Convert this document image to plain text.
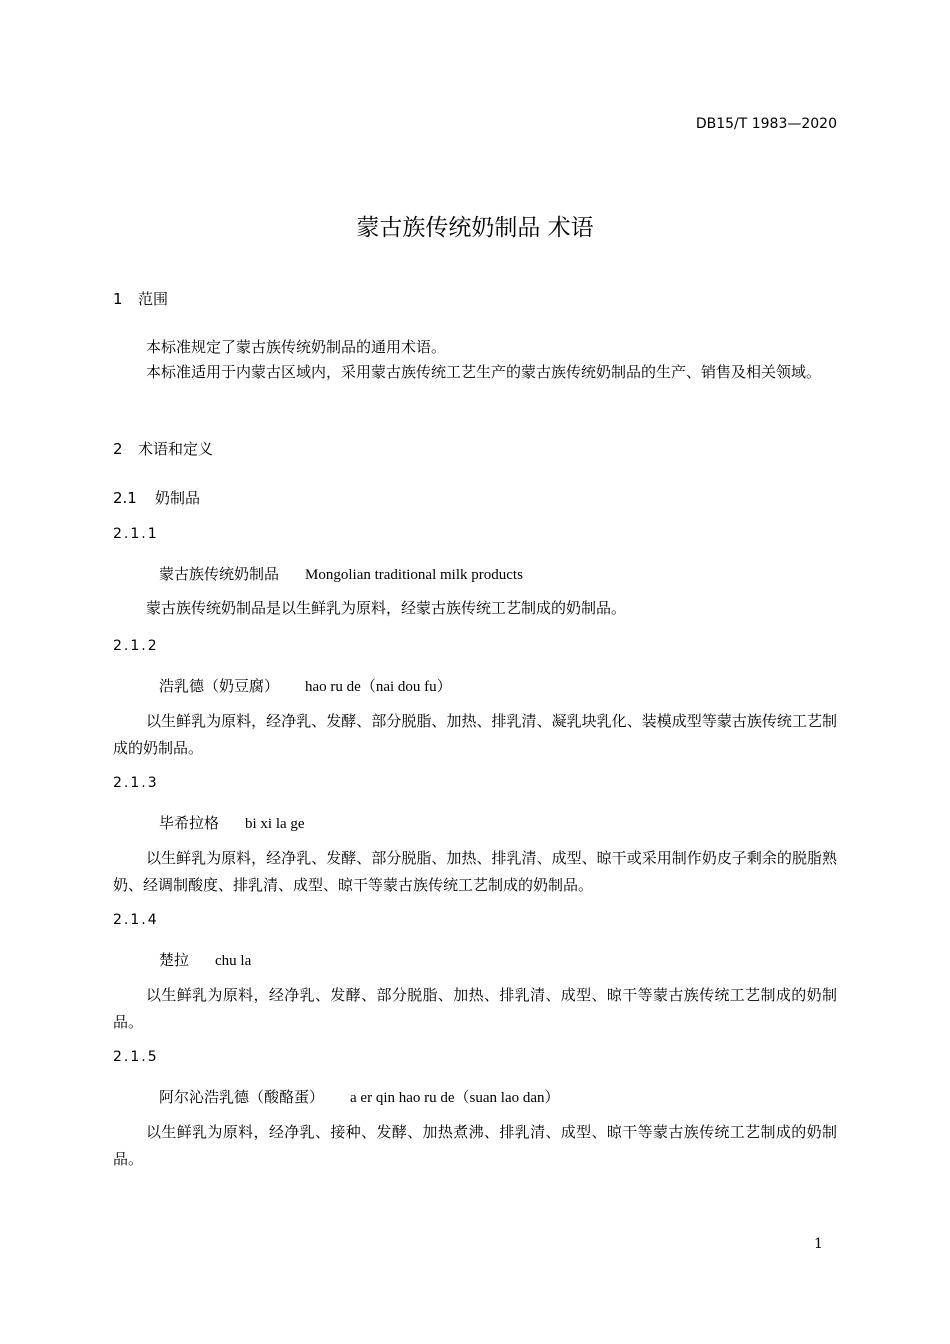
DB15/T 1983—2020
蒙古族传统奶制品 术语
1 范围
本标准规定了蒙古族传统奶制品的通用术语。
本标准适用于内蒙古区域内，采用蒙古族传统工艺生产的蒙古族传统奶制品的生产、销售及相关领域。
2 术语和定义
2.1 奶制品
2.1.1
蒙古族传统奶制品 Mongolian traditional milk products
蒙古族传统奶制品是以生鲜乳为原料，经蒙古族传统工艺制成的奶制品。
2.1.2
浩乳德（奶豆腐） hao ru de（nai dou fu）
以生鲜乳为原料，经净乳、发酵、部分脱脂、加热、排乳清、凝乳块乳化、装模成型等蒙古族传统工艺制成的奶制品。
2.1.3
毕希拉格 bi xi la ge
以生鲜乳为原料，经净乳、发酵、部分脱脂、加热、排乳清、成型、晾干或采用制作奶皮子剩余的脱脂熟奶、经调制酸度、排乳清、成型、晾干等蒙古族传统工艺制成的奶制品。
2.1.4
楚拉 chu la
以生鲜乳为原料，经净乳、发酵、部分脱脂、加热、排乳清、成型、晾干等蒙古族传统工艺制成的奶制品。
2.1.5
阿尔沁浩乳德（酸酪蛋） a er qin hao ru de（suan lao dan）
以生鲜乳为原料，经净乳、接种、发酵、加热煮沸、排乳清、成型、晾干等蒙古族传统工艺制成的奶制品。
1
